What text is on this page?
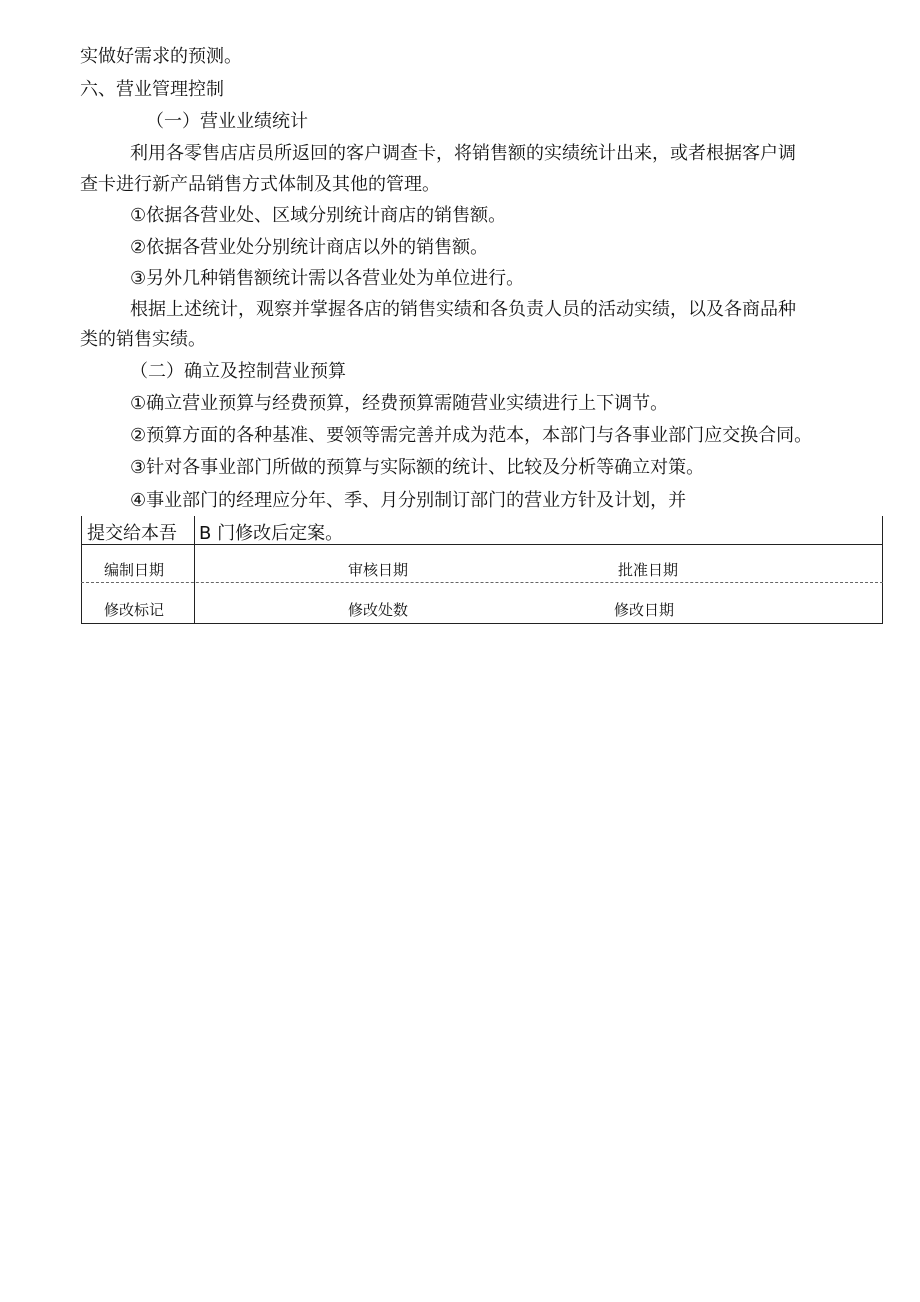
实做好需求的预测。
六、营业管理控制
（一）营业业绩统计
利用各零售店店员所返回的客户调查卡，将销售额的实绩统计出来，或者根据客户调
查卡进行新产品销售方式体制及其他的管理。
①依据各营业处、区域分别统计商店的销售额。
②依据各营业处分别统计商店以外的销售额。
③另外几种销售额统计需以各营业处为单位进行。
根据上述统计，观察并掌握各店的销售实绩和各负责人员的活动实绩，以及各商品种
类的销售实绩。
（二）确立及控制营业预算
①确立营业预算与经费预算，经费预算需随营业实绩进行上下调节。
②预算方面的各种基准、要领等需完善并成为范本，本部门与各事业部门应交换合同。
③针对各事业部门所做的预算与实际额的统计、比较及分析等确立对策。
④事业部门的经理应分年、季、月分别制订部门的营业方针及计划，并
提交给本吾 B 门修改后定案。
编制日期	审核日期	批准日期
修改标记	修改处数	修改日期
